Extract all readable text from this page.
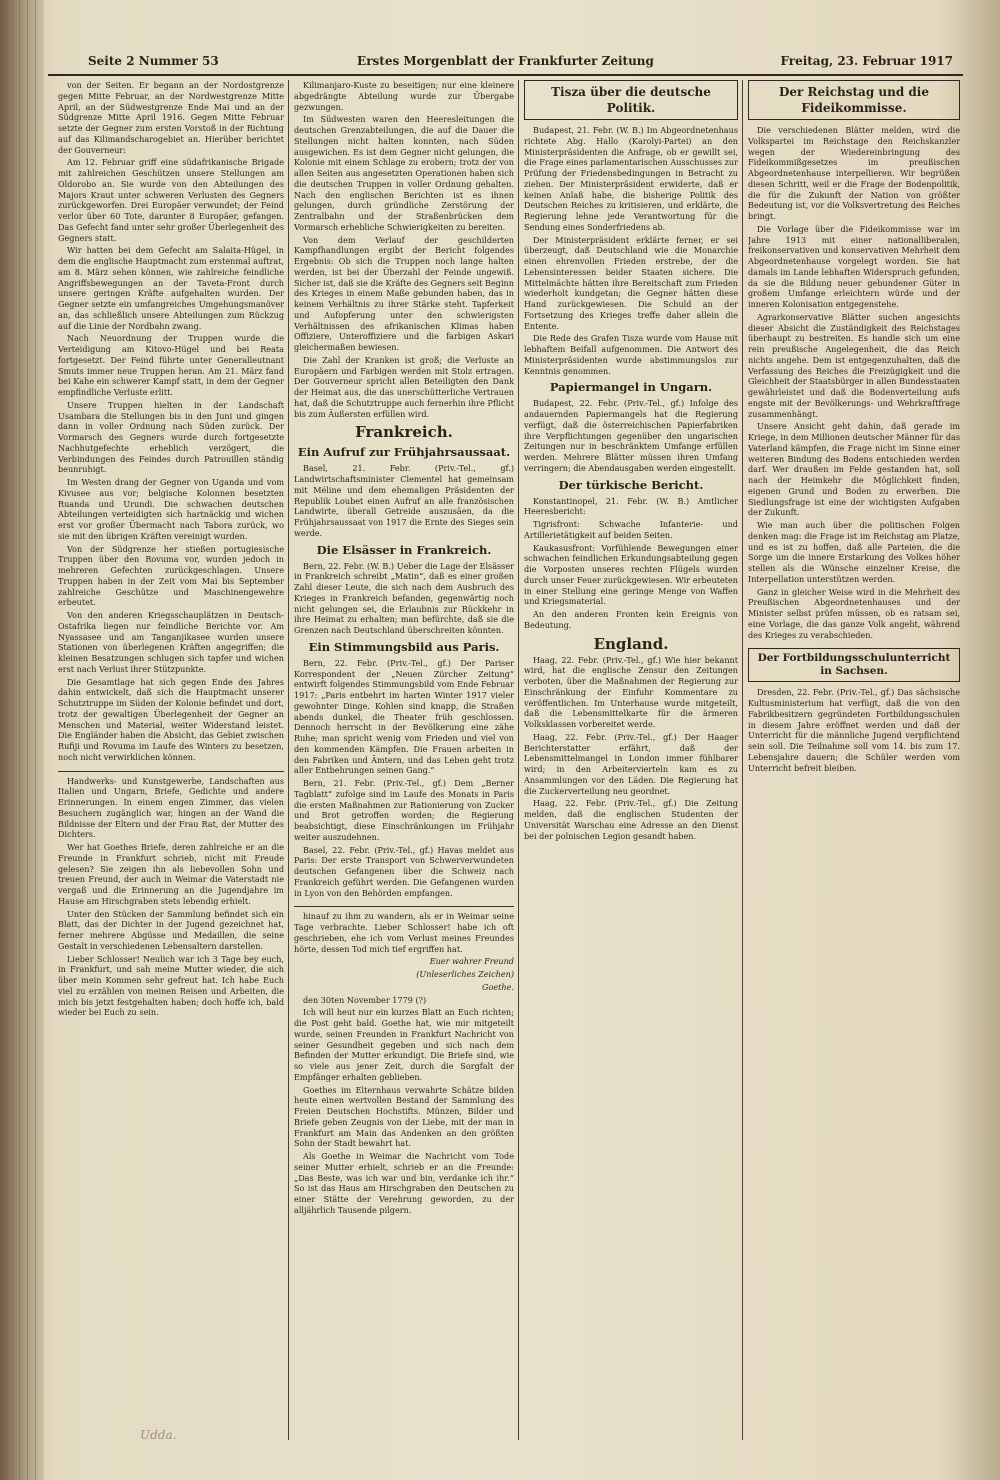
Seite 2 Nummer 53	Erstes Morgenblatt der Frankfurter Zeitung	Freitag, 23. Februar 1917

von der Seiten. Er begann an der Nordostgrenze gegen Mitte Februar, an der Nordwestgrenze Mitte April, an der Südwestgrenze Ende Mai und an der Südgrenze Mitte April 1916. Gegen Mitte Februar setzte der Gegner zum ersten Vorstoß in der Richtung auf das Kilimandscharogebiet an. Hierüber berichtet der Gouverneur:

Am 12. Februar griff eine südafrikanische Brigade mit zahlreichen Geschützen unsere Stellungen am Oldorobo an. Sie wurde von den Abteilungen des Majors Kraut unter schweren Verlusten des Gegners zurückgeworfen. Drei Europäer verwundet; der Feind verlor über 60 Tote, darunter 8 Europäer, gefangen. Das Gefecht fand unter sehr großer Überlegenheit des Gegners statt.

Wir hatten bei dem Gefecht am Salaita-Hügel, in dem die englische Hauptmacht zum erstenmal auftrat, am 8. März sehen können, wie zahlreiche feindliche Angriffsbewegungen an der Taveta-Front durch unsere geringen Kräfte aufgehalten wurden. Der Gegner setzte ein umfangreiches Umgehungsmanöver an, das schließlich unsere Abteilungen zum Rückzug auf die Linie der Nordbahn zwang.

Nach Neuordnung der Truppen wurde die Verteidigung am Kitovo-Hügel und bei Reata fortgesetzt. Der Feind führte unter Generalleutnant Smuts immer neue Truppen heran. Am 21. März fand bei Kahe ein schwerer Kampf statt, in dem der Gegner empfindliche Verluste erlitt.

Unsere Truppen hielten in der Landschaft Usambara die Stellungen bis in den Juni und gingen dann in voller Ordnung nach Süden zurück. Der Vormarsch des Gegners wurde durch fortgesetzte Nachhutgefechte erheblich verzögert, die Verbindungen des Feindes durch Patrouillen ständig beunruhigt.

Im Westen drang der Gegner von Uganda und vom Kivusee aus vor; belgische Kolonnen besetzten Ruanda und Urundi. Die schwachen deutschen Abteilungen verteidigten sich hartnäckig und wichen erst vor großer Übermacht nach Tabora zurück, wo sie mit den übrigen Kräften vereinigt wurden.

Von der Südgrenze her stießen portugiesische Truppen über den Rovuma vor, wurden jedoch in mehreren Gefechten zurückgeschlagen. Unsere Truppen haben in der Zeit vom Mai bis September zahlreiche Geschütze und Maschinengewehre erbeutet.

Von den anderen Kriegsschauplätzen in Deutsch-Ostafrika liegen nur feindliche Berichte vor. Am Nyassasee und am Tanganjikasee wurden unsere Stationen von überlegenen Kräften angegriffen; die kleinen Besatzungen schlugen sich tapfer und wichen erst nach Verlust ihrer Stützpunkte.

Die Gesamtlage hat sich gegen Ende des Jahres dahin entwickelt, daß sich die Hauptmacht unserer Schutztruppe im Süden der Kolonie befindet und dort, trotz der gewaltigen Überlegenheit der Gegner an Menschen und Material, weiter Widerstand leistet. Die Engländer haben die Absicht, das Gebiet zwischen Rufiji und Rovuma im Laufe des Winters zu besetzen, noch nicht verwirklichen können.

Handwerks- und Kunstgewerbe, Landschaften aus Italien und Ungarn, Briefe, Gedichte und andere Erinnerungen. In einem engen Zimmer, das vielen Besuchern zugänglich war, hingen an der Wand die Bildnisse der Eltern und der Frau Rat, der Mutter des Dichters.

Wer hat Goethes Briefe, deren zahlreiche er an die Freunde in Frankfurt schrieb, nicht mit Freude gelesen? Sie zeigen ihn als liebevollen Sohn und treuen Freund, der auch in Weimar die Vaterstadt nie vergaß und die Erinnerung an die Jugendjahre im Hause am Hirschgraben stets lebendig erhielt.

Unter den Stücken der Sammlung befindet sich ein Blatt, das der Dichter in der Jugend gezeichnet hat, ferner mehrere Abgüsse und Medaillen, die seine Gestalt in verschiedenen Lebensaltern darstellen.

Lieber Schlosser! Neulich war ich 3 Tage bey euch, in Frankfurt, und sah meine Mutter wieder, die sich über mein Kommen sehr gefreut hat. Ich habe Euch viel zu erzählen von meinen Reisen und Arbeiten, die mich bis jetzt festgehalten haben; doch hoffe ich, bald wieder bei Euch zu sein.

Kilimanjaro-Kuste zu beseitigen; nur eine kleinere abgedrängte Abteilung wurde zur Übergabe gezwungen.

Im Südwesten waren den Heeresleitungen die deutschen Grenzabteilungen, die auf die Dauer die Stellungen nicht halten konnten, nach Süden ausgewichen. Es ist dem Gegner nicht gelungen, die Kolonie mit einem Schlage zu erobern; trotz der von allen Seiten aus angesetzten Operationen haben sich die deutschen Truppen in voller Ordnung gehalten. Nach den englischen Berichten ist es ihnen gelungen, durch gründliche Zerstörung der Zentralbahn und der Straßenbrücken dem Vormarsch erhebliche Schwierigkeiten zu bereiten.

Von dem Verlauf der geschilderten Kampfhandlungen ergibt der Bericht folgendes Ergebnis: Ob sich die Truppen noch lange halten werden, ist bei der Überzahl der Feinde ungewiß. Sicher ist, daß sie die Kräfte des Gegners seit Beginn des Krieges in einem Maße gebunden haben, das in keinem Verhältnis zu ihrer Stärke steht. Tapferkeit und Aufopferung unter den schwierigsten Verhältnissen des afrikanischen Klimas haben Offiziere, Unteroffiziere und die farbigen Askari gleichermaßen bewiesen.

Die Zahl der Kranken ist groß; die Verluste an Europäern und Farbigen werden mit Stolz ertragen. Der Gouverneur spricht allen Beteiligten den Dank der Heimat aus, die das unerschütterliche Vertrauen hat, daß die Schutztruppe auch fernerhin ihre Pflicht bis zum Äußersten erfüllen wird.

Frankreich.
Ein Aufruf zur Frühjahrsaussaat.

Basel, 21. Febr. (Priv.-Tel., gf.) Landwirtschaftsminister Clementel hat gemeinsam mit Méline und dem ehemaligen Präsidenten der Republik Loubet einen Aufruf an alle französischen Landwirte, überall Getreide auszusäen, da die Frühjahrsaussaat von 1917 die Ernte des Sieges sein werde.

Die Elsässer in Frankreich.

Bern, 22. Febr. (W. B.) Ueber die Lage der Elsässer in Frankreich schreibt „Matin“, daß es einer großen Zahl dieser Leute, die sich nach dem Ausbruch des Krieges in Frankreich befanden, gegenwärtig noch nicht gelungen sei, die Erlaubnis zur Rückkehr in ihre Heimat zu erhalten; man befürchte, daß sie die Grenzen nach Deutschland überschreiten könnten.

Ein Stimmungsbild aus Paris.

Bern, 22. Febr. (Priv.-Tel., gf.) Der Pariser Korrespondent der „Neuen Zürcher Zeitung“ entwirft folgendes Stimmungsbild vom Ende Februar 1917: „Paris entbehrt im harten Winter 1917 vieler gewohnter Dinge. Kohlen sind knapp, die Straßen abends dunkel, die Theater früh geschlossen. Dennoch herrscht in der Bevölkerung eine zähe Ruhe; man spricht wenig vom Frieden und viel von den kommenden Kämpfen. Die Frauen arbeiten in den Fabriken und Ämtern, und das Leben geht trotz aller Entbehrungen seinen Gang.“

Bern, 21. Febr. (Priv.-Tel., gf.) Dem „Berner Tagblatt“ zufolge sind im Laufe des Monats in Paris die ersten Maßnahmen zur Rationierung von Zucker und Brot getroffen worden; die Regierung beabsichtigt, diese Einschränkungen im Frühjahr weiter auszudehnen.

Basel, 22. Febr. (Priv.-Tel., gf.) Havas meldet aus Paris: Der erste Transport von Schwerverwundeten deutschen Gefangenen über die Schweiz nach Frankreich geführt werden. Die Gefangenen wurden in Lyon von den Behörden empfangen.

hinauf zu ihm zu wandern, als er in Weimar seine Tage verbrachte. Lieber Schlosser! habe ich oft geschrieben, ehe ich vom Verlust meines Freundes hörte, dessen Tod mich tief ergriffen hat.

Euer wahrer Freund

(Unleserliches Zeichen)

Goethe.

den 30ten November 1779 (?)

Ich will heut nur ein kurzes Blatt an Euch richten; die Post geht bald. Goethe hat, wie mir mitgeteilt wurde, seinen Freunden in Frankfurt Nachricht von seiner Gesundheit gegeben und sich nach dem Befinden der Mutter erkundigt. Die Briefe sind, wie so viele aus jener Zeit, durch die Sorgfalt der Empfänger erhalten geblieben.

Goethes im Elternhaus verwahrte Schätze bilden heute einen wertvollen Bestand der Sammlung des Freien Deutschen Hochstifts. Münzen, Bilder und Briefe geben Zeugnis von der Liebe, mit der man in Frankfurt am Main das Andenken an den größten Sohn der Stadt bewahrt hat.

Als Goethe in Weimar die Nachricht vom Tode seiner Mutter erhielt, schrieb er an die Freunde: „Das Beste, was ich war und bin, verdanke ich ihr.“ So ist das Haus am Hirschgraben den Deutschen zu einer Stätte der Verehrung geworden, zu der alljährlich Tausende pilgern.

Tisza über die deutsche Politik.

Budapest, 21. Febr. (W. B.) Im Abgeordnetenhaus richtete Abg. Hallo (Karolyi-Partei) an den Ministerpräsidenten die Anfrage, ob er gewillt sei, die Frage eines parlamentarischen Ausschusses zur Prüfung der Friedensbedingungen in Betracht zu ziehen. Der Ministerpräsident erwiderte, daß er keinen Anlaß habe, die bisherige Politik des Deutschen Reiches zu kritisieren, und erklärte, die Regierung lehne jede Verantwortung für die Sendung eines Sonderfriedens ab.

Der Ministerpräsident erklärte ferner, er sei überzeugt, daß Deutschland wie die Monarchie einen ehrenvollen Frieden erstrebe, der die Lebensinteressen beider Staaten sichere. Die Mittelmächte hätten ihre Bereitschaft zum Frieden wiederholt kundgetan; die Gegner hätten diese Hand zurückgewiesen. Die Schuld an der Fortsetzung des Krieges treffe daher allein die Entente.

Die Rede des Grafen Tisza wurde vom Hause mit lebhaftem Beifall aufgenommen. Die Antwort des Ministerpräsidenten wurde abstimmungslos zur Kenntnis genommen.

Papiermangel in Ungarn.

Budapest, 22. Febr. (Priv.-Tel., gf.) Infolge des andauernden Papiermangels hat die Regierung verfügt, daß die österreichischen Papierfabriken ihre Verpflichtungen gegenüber den ungarischen Zeitungen nur in beschränktem Umfange erfüllen werden. Mehrere Blätter müssen ihren Umfang verringern; die Abendausgaben werden eingestellt.

Der türkische Bericht.

Konstantinopel, 21. Febr. (W. B.) Amtlicher Heeresbericht:

Tigrisfront: Schwache Infanterie- und Artillerietätigkeit auf beiden Seiten.

Kaukasusfront: Vorfühlende Bewegungen einer schwachen feindlichen Erkundungsabteilung gegen die Vorposten unseres rechten Flügels wurden durch unser Feuer zurückgewiesen. Wir erbeuteten in einer Stellung eine geringe Menge von Waffen und Kriegsmaterial.

An den anderen Fronten kein Ereignis von Bedeutung.

England.

Haag, 22. Febr. (Priv.-Tel., gf.) Wie hier bekannt wird, hat die englische Zensur den Zeitungen verboten, über die Maßnahmen der Regierung zur Einschränkung der Einfuhr Kommentare zu veröffentlichen. Im Unterhause wurde mitgeteilt, daß die Lebensmittelkarte für die ärmeren Volksklassen vorbereitet werde.

Haag, 22. Febr. (Priv.-Tel., gf.) Der Haager Berichterstatter erfährt, daß der Lebensmittelmangel in London immer fühlbarer wird; in den Arbeitervierteln kam es zu Ansammlungen vor den Läden. Die Regierung hat die Zuckerverteilung neu geordnet.

Haag, 22. Febr. (Priv.-Tel., gf.) Die Zeitung melden, daß die englischen Studenten der Universität Warschau eine Adresse an den Dienst bei der polnischen Legion gesandt haben.

Der Reichstag und die Fideikommisse.

Die verschiedenen Blätter melden, wird die Volkspartei im Reichstage den Reichskanzler wegen der Wiedereinbringung des Fideikommißgesetzes im preußischen Abgeordnetenhause interpellieren. Wir begrüßen diesen Schritt, weil er die Frage der Bodenpolitik, die für die Zukunft der Nation von größter Bedeutung ist, vor die Volksvertretung des Reiches bringt.

Die Vorlage über die Fideikommisse war im Jahre 1913 mit einer nationalliberalen, freikonservativen und konservativen Mehrheit dem Abgeordnetenhause vorgelegt worden. Sie hat damals im Lande lebhaften Widerspruch gefunden, da sie die Bildung neuer gebundener Güter in großem Umfange erleichtern würde und der inneren Kolonisation entgegenstehe.

Agrarkonservative Blätter suchen angesichts dieser Absicht die Zuständigkeit des Reichstages überhaupt zu bestreiten. Es handle sich um eine rein preußische Angelegenheit, die das Reich nichts angehe. Dem ist entgegenzuhalten, daß die Verfassung des Reiches die Freizügigkeit und die Gleichheit der Staatsbürger in allen Bundesstaaten gewährleistet und daß die Bodenverteilung aufs engste mit der Bevölkerungs- und Wehrkraftfrage zusammenhängt.

Unsere Ansicht geht dahin, daß gerade im Kriege, in dem Millionen deutscher Männer für das Vaterland kämpfen, die Frage nicht im Sinne einer weiteren Bindung des Bodens entschieden werden darf. Wer draußen im Felde gestanden hat, soll nach der Heimkehr die Möglichkeit finden, eigenen Grund und Boden zu erwerben. Die Siedlungsfrage ist eine der wichtigsten Aufgaben der Zukunft.

Wie man auch über die politischen Folgen denken mag: die Frage ist im Reichstag am Platze, und es ist zu hoffen, daß alle Parteien, die die Sorge um die innere Erstarkung des Volkes höher stellen als die Wünsche einzelner Kreise, die Interpellation unterstützen werden.

Ganz in gleicher Weise wird in die Mehrheit des Preußischen Abgeordnetenhauses und der Minister selbst prüfen müssen, ob es ratsam sei, eine Vorlage, die das ganze Volk angeht, während des Krieges zu verabschieden.

Der Fortbildungsschulunterricht in Sachsen.

Dresden, 22. Febr. (Priv.-Tel., gf.) Das sächsische Kultusministerium hat verfügt, daß die von den Fabrikbesitzern gegründeten Fortbildungsschulen in diesem Jahre eröffnet werden und daß der Unterricht für die männliche Jugend verpflichtend sein soll. Die Teilnahme soll vom 14. bis zum 17. Lebensjahre dauern; die Schüler werden vom Unterricht befreit bleiben.

Udda.
